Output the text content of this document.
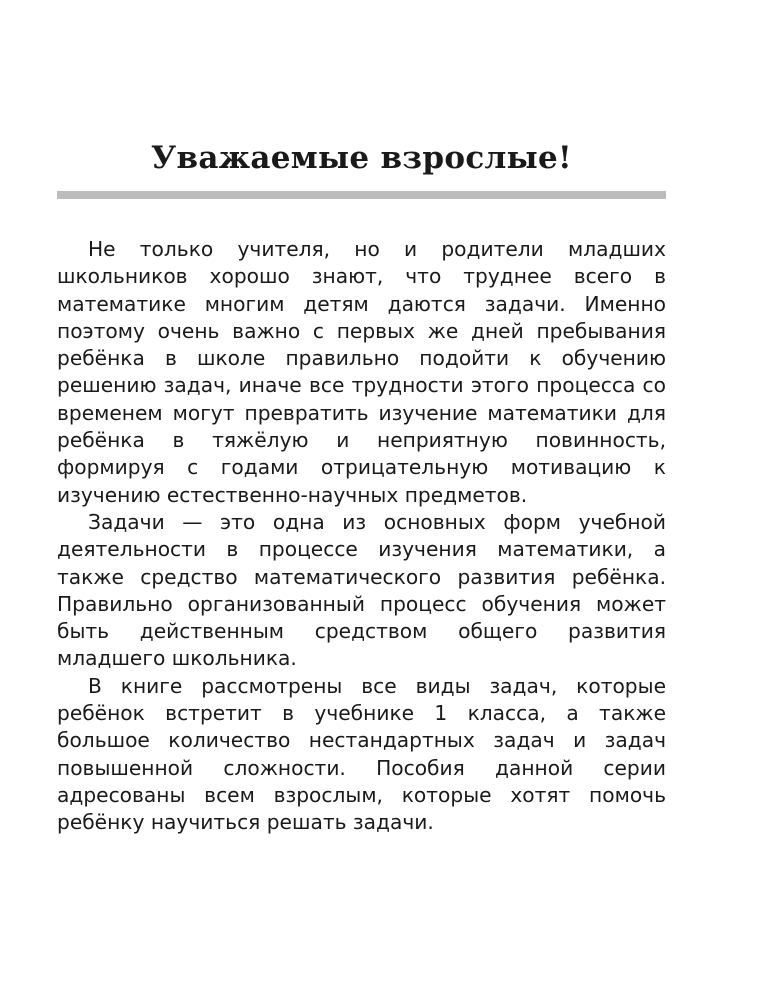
Уважаемые взрослые!

Не только учителя, но и родители младших школьников хорошо знают, что труднее всего в математике многим детям даются задачи. Именно поэтому очень важно с первых же дней пребывания ребёнка в школе правильно подойти к обучению решению задач, иначе все трудности этого процесса со временем могут превратить изучение математики для ребёнка в тяжёлую и неприятную повинность, формируя с годами отрицательную мотивацию к изучению естественно-научных предметов.

Задачи — это одна из основных форм учебной деятельности в процессе изучения математики, а также средство математического развития ребёнка. Правильно организованный процесс обучения может быть действенным средством общего развития младшего школьника.

В книге рассмотрены все виды задач, которые ребёнок встретит в учебнике 1 класса, а также большое количество нестандартных задач и задач повышенной сложности. Пособия данной серии адресованы всем взрослым, которые хотят помочь ребёнку научиться решать задачи.
